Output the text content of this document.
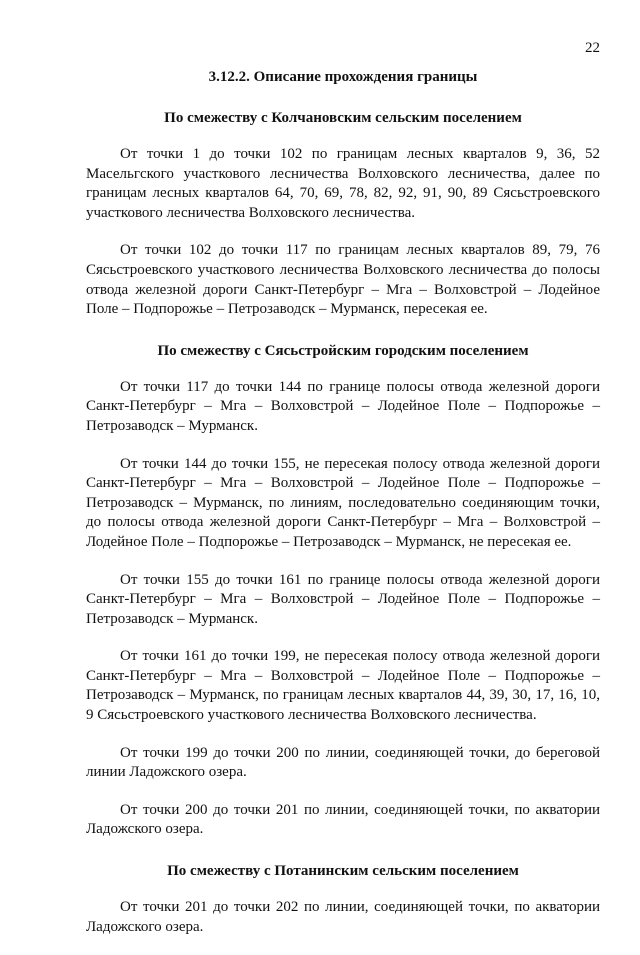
22

3.12.2. Описание прохождения границы

По смежеству с Колчановским сельским поселением

От точки 1 до точки 102 по границам лесных кварталов 9, 36, 52 Масельгского участкового лесничества Волховского лесничества, далее по границам лесных кварталов 64, 70, 69, 78, 82, 92, 91, 90, 89 Сясьстроевского участкового лесничества Волховского лесничества.

От точки 102 до точки 117 по границам лесных кварталов 89, 79, 76 Сясьстроевского участкового лесничества Волховского лесничества до полосы отвода железной дороги Санкт-Петербург – Мга – Волховстрой – Лодейное Поле – Подпорожье – Петрозаводск – Мурманск, пересекая ее.

По смежеству с Сясьстройским городским поселением

От точки 117 до точки 144 по границе полосы отвода железной дороги Санкт-Петербург – Мга – Волховстрой – Лодейное Поле – Подпорожье – Петрозаводск – Мурманск.

От точки 144 до точки 155, не пересекая полосу отвода железной дороги Санкт-Петербург – Мга – Волховстрой – Лодейное Поле – Подпорожье – Петрозаводск – Мурманск, по линиям, последовательно соединяющим точки, до полосы отвода железной дороги Санкт-Петербург – Мга – Волховстрой – Лодейное Поле – Подпорожье – Петрозаводск – Мурманск, не пересекая ее.

От точки 155 до точки 161 по границе полосы отвода железной дороги Санкт-Петербург – Мга – Волховстрой – Лодейное Поле – Подпорожье – Петрозаводск – Мурманск.

От точки 161 до точки 199, не пересекая полосу отвода железной дороги Санкт-Петербург – Мга – Волховстрой – Лодейное Поле – Подпорожье – Петрозаводск – Мурманск, по границам лесных кварталов 44, 39, 30, 17, 16, 10, 9 Сясьстроевского участкового лесничества Волховского лесничества.

От точки 199 до точки 200 по линии, соединяющей точки, до береговой линии Ладожского озера.

От точки 200 до точки 201 по линии, соединяющей точки, по акватории Ладожского озера.

По смежеству с Потанинским сельским поселением

От точки 201 до точки 202 по линии, соединяющей точки, по акватории Ладожского озера.
